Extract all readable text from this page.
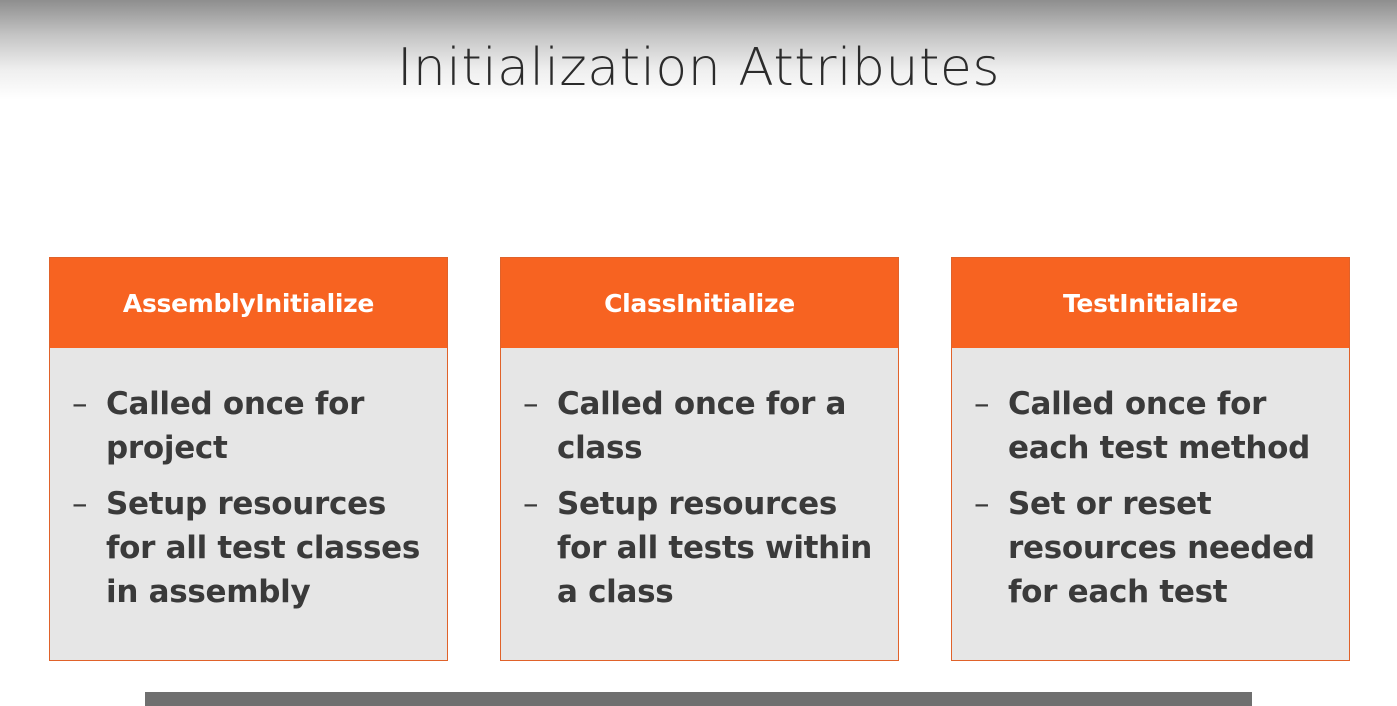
Initialization Attributes
AssemblyInitialize
– Called once for project
– Setup resources for all test classes in assembly
ClassInitialize
– Called once for a class
– Setup resources for all tests within a class
TestInitialize
– Called once for each test method
– Set or reset resources needed for each test
